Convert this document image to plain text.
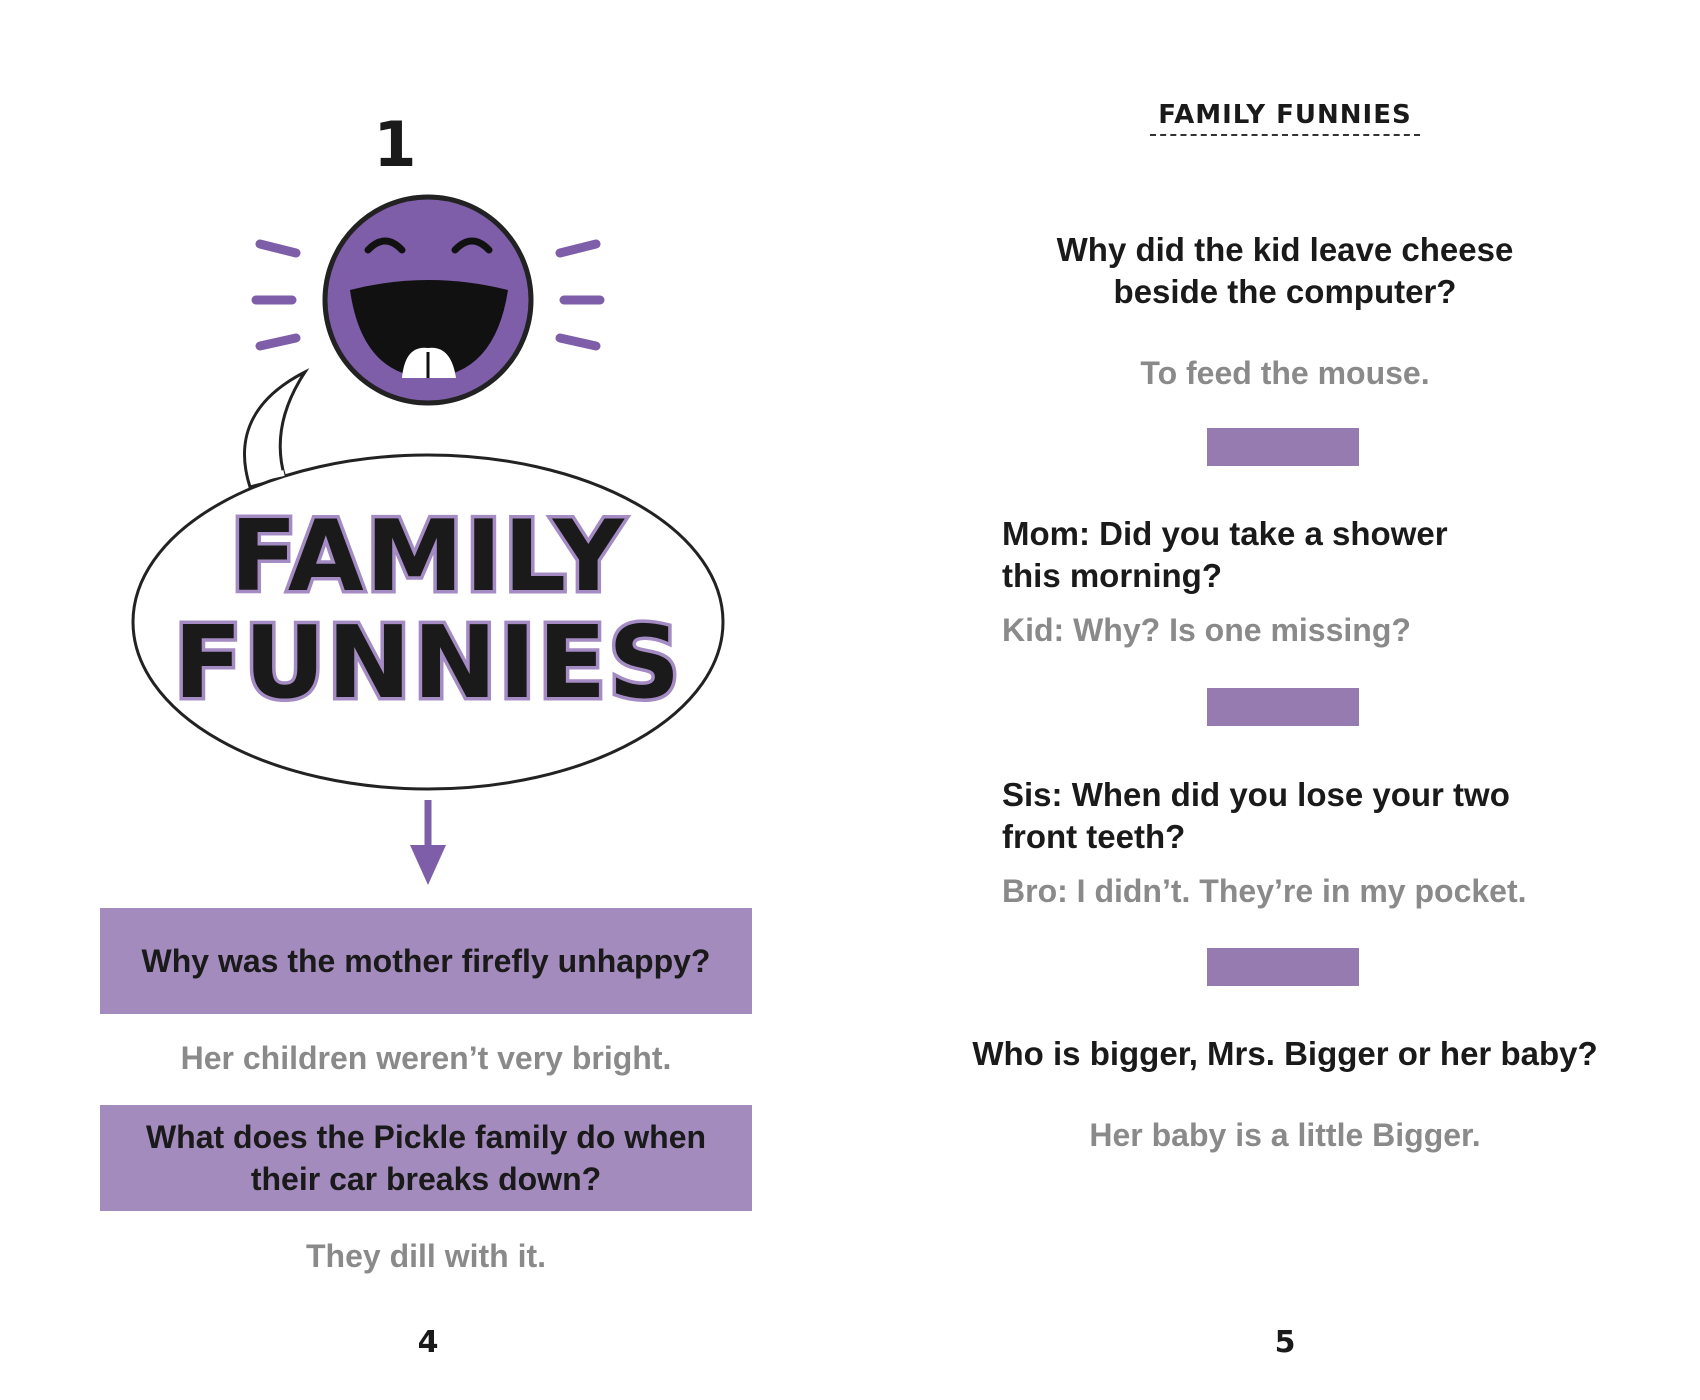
1
FAMILY
FUNNIES
Why was the mother firefly unhappy?
Her children weren’t very bright.
What does the Pickle family do when
their car breaks down?
They dill with it.
4
FAMILY FUNNIES
Why did the kid leave cheese
beside the computer?
To feed the mouse.
Mom: Did you take a shower
this morning?
Kid: Why? Is one missing?
Sis: When did you lose your two
front teeth?
Bro: I didn’t. They’re in my pocket.
Who is bigger, Mrs. Bigger or her baby?
Her baby is a little Bigger.
5
